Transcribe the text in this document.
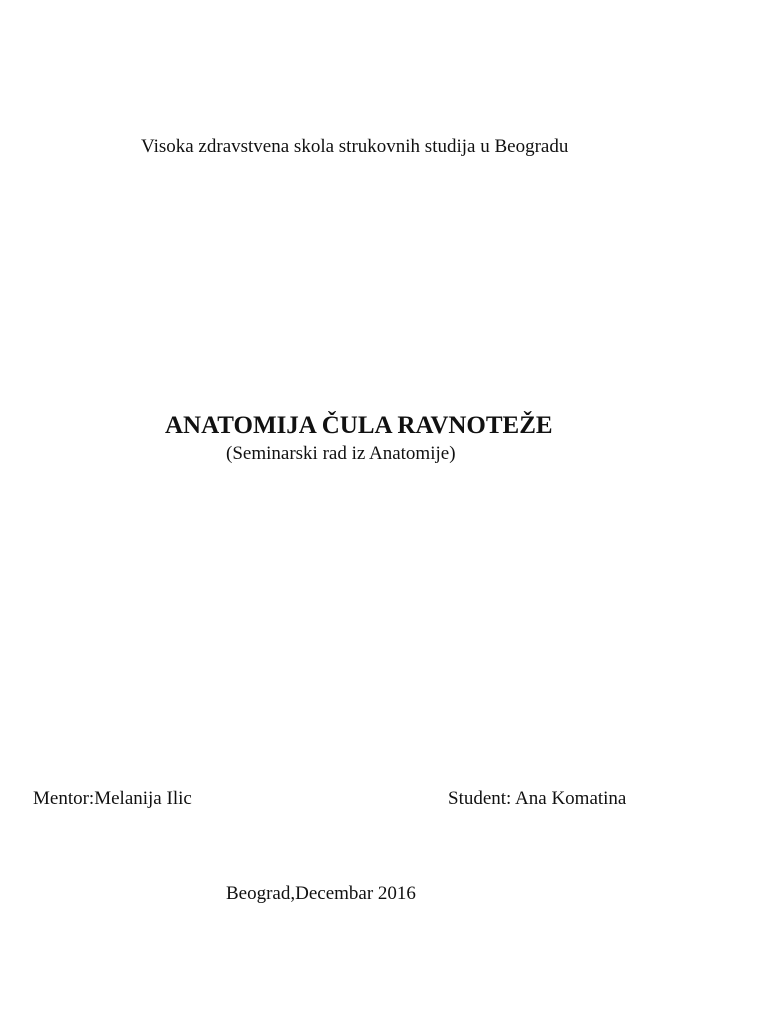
Visoka zdravstvena skola strukovnih studija u Beogradu
ANATOMIJA ČULA RAVNOTEŽE
(Seminarski rad iz Anatomije)
Mentor:Melanija Ilic	Student: Ana Komatina
Beograd,Decembar 2016
